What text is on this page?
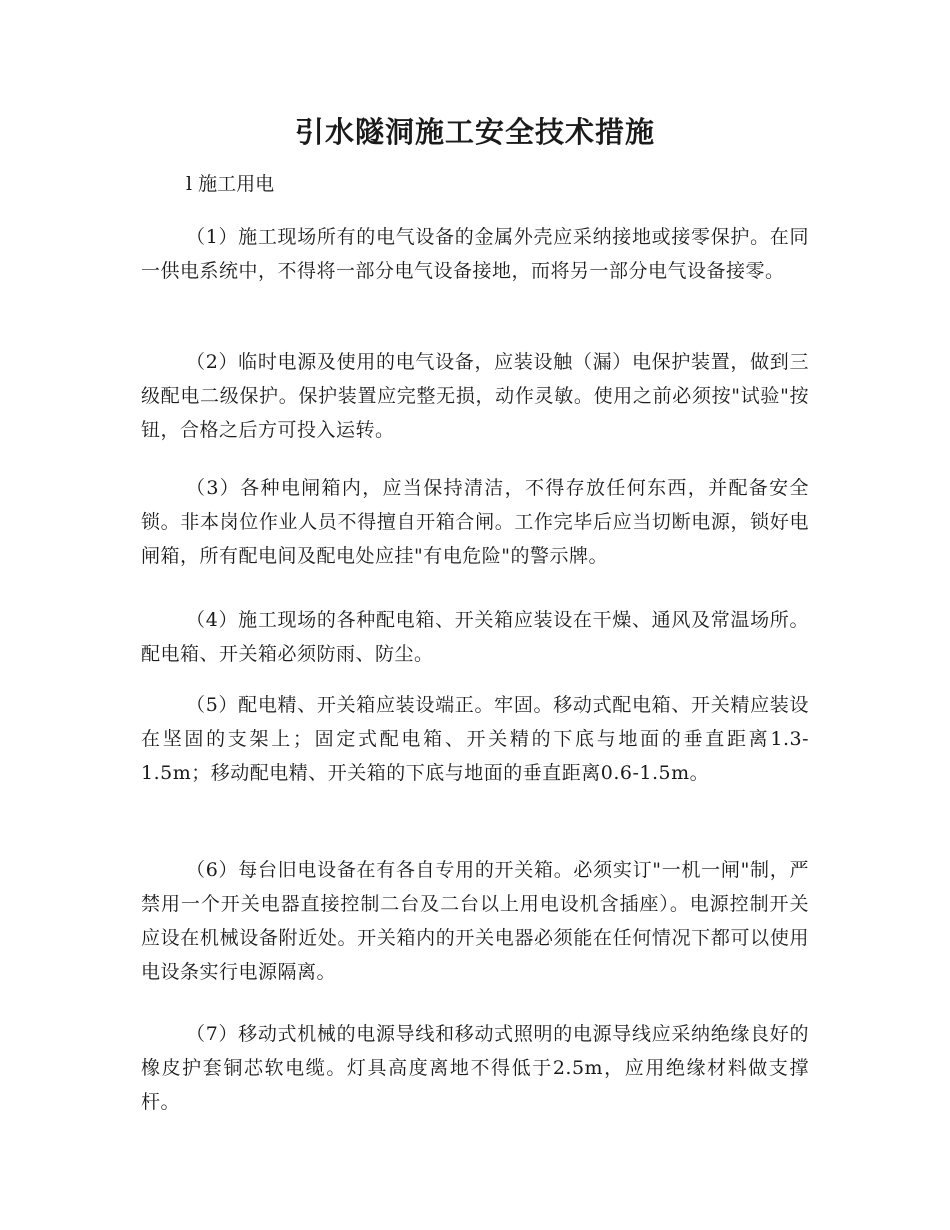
引水隧洞施工安全技术措施

l 施工用电

（1）施工现场所有的电气设备的金属外壳应采纳接地或接零保护。在同一供电系统中，不得将一部分电气设备接地，而将另一部分电气设备接零。

（2）临时电源及使用的电气设备，应装设触（漏）电保护装置，做到三级配电二级保护。保护装置应完整无损，动作灵敏。使用之前必须按"试验"按钮，合格之后方可投入运转。

（3）各种电闸箱内，应当保持清洁，不得存放任何东西，并配备安全锁。非本岗位作业人员不得擅自开箱合闸。工作完毕后应当切断电源，锁好电闸箱，所有配电间及配电处应挂"有电危险"的警示牌。

（4）施工现场的各种配电箱、开关箱应装设在干燥、通风及常温场所。配电箱、开关箱必须防雨、防尘。

（5）配电精、开关箱应装设端正。牢固。移动式配电箱、开关精应装设在坚固的支架上；固定式配电箱、开关精的下底与地面的垂直距离1.3-1.5m；移动配电精、开关箱的下底与地面的垂直距离0.6-1.5m。

（6）每台旧电设备在有各自专用的开关箱。必须实订"一机一闸"制，严禁用一个开关电器直接控制二台及二台以上用电设机含插座）。电源控制开关应设在机械设备附近处。开关箱内的开关电器必须能在任何情况下都可以使用电设条实行电源隔离。

（7）移动式机械的电源导线和移动式照明的电源导线应采纳绝缘良好的橡皮护套铜芯软电缆。灯具高度离地不得低于2.5m，应用绝缘材料做支撑杆。
